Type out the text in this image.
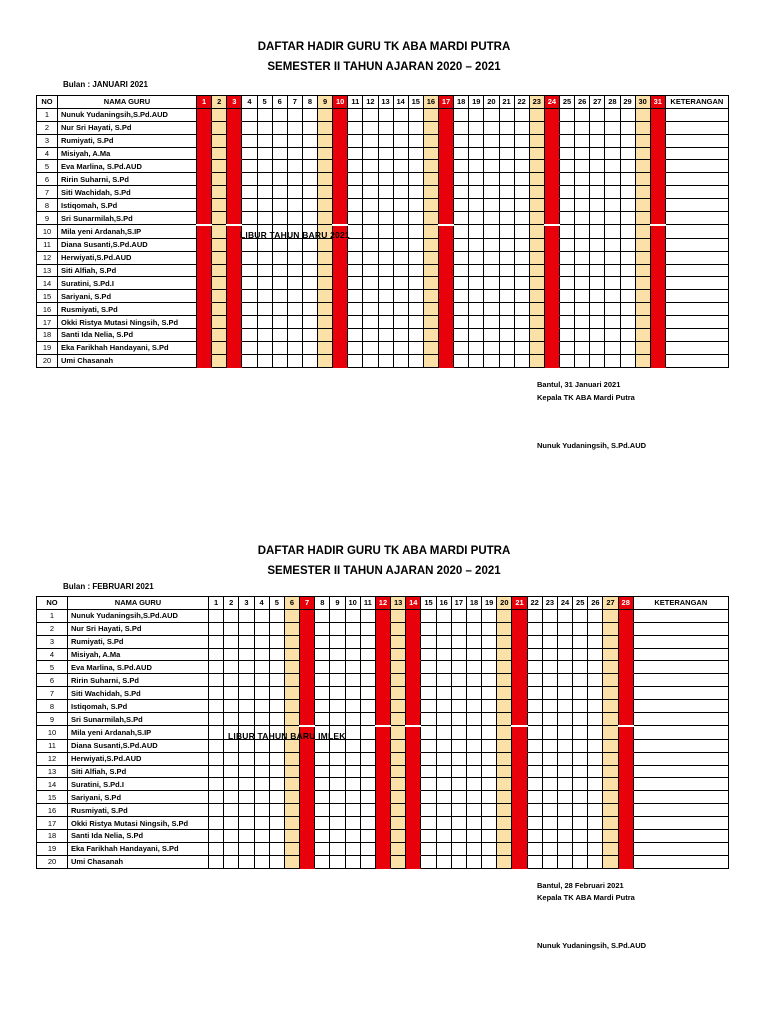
DAFTAR HADIR GURU TK ABA MARDI PUTRA
SEMESTER II TAHUN AJARAN 2020 – 2021
Bulan : JANUARI 2021
NO	NAMA GURU	1	2	3	4	5	6	7	8	9	10	11	12	13	14	15	16	17	18	19	20	21	22	23	24	25	26	27	28	29	30	31	KETERANGAN
1	Nunuk Yudaningsih,S.Pd.AUD																																
2	Nur Sri Hayati, S.Pd																																
3	Rumiyati, S.Pd																																
4	Misiyah, A.Ma																																
5	Eva Marlina, S.Pd.AUD																																
6	Ririn Suharni, S.Pd																																
7	Siti Wachidah, S.Pd																																
8	Istiqomah, S.Pd																																
9	Sri Sunarmilah,S.Pd																																
10	Mila yeni Ardanah,S.IP																																
11	Diana Susanti,S.Pd.AUD																																
12	Herwiyati,S.Pd.AUD																																
13	Siti Alfiah, S.Pd																																
14	Suratini, S.Pd.I																																
15	Sariyani, S.Pd																																
16	Rusmiyati, S.Pd																																
17	Okki Ristya Mutasi Ningsih, S.Pd																																
18	Santi Ida Nelia, S.Pd																																
19	Eka Farikhah Handayani, S.Pd																																
20	Umi Chasanah																																
LIBUR TAHUN BARU 2021
Bantul, 31 Januari 2021
Kepala TK ABA Mardi Putra
Nunuk Yudaningsih, S.Pd.AUD
DAFTAR HADIR GURU TK ABA MARDI PUTRA
SEMESTER II TAHUN AJARAN 2020 – 2021
Bulan : FEBRUARI 2021
NO	NAMA GURU	1	2	3	4	5	6	7	8	9	10	11	12	13	14	15	16	17	18	19	20	21	22	23	24	25	26	27	28	KETERANGAN
1	Nunuk Yudaningsih,S.Pd.AUD																													
2	Nur Sri Hayati, S.Pd																													
3	Rumiyati, S.Pd																													
4	Misiyah, A.Ma																													
5	Eva Marlina, S.Pd.AUD																													
6	Ririn Suharni, S.Pd																													
7	Siti Wachidah, S.Pd																													
8	Istiqomah, S.Pd																													
9	Sri Sunarmilah,S.Pd																													
10	Mila yeni Ardanah,S.IP																													
11	Diana Susanti,S.Pd.AUD																													
12	Herwiyati,S.Pd.AUD																													
13	Siti Alfiah, S.Pd																													
14	Suratini, S.Pd.I																													
15	Sariyani, S.Pd																													
16	Rusmiyati, S.Pd																													
17	Okki Ristya Mutasi Ningsih, S.Pd																													
18	Santi Ida Nelia, S.Pd																													
19	Eka Farikhah Handayani, S.Pd																													
20	Umi Chasanah																													
LIBUR TAHUN BARU IMLEK
Bantul, 28 Februari 2021
Kepala TK ABA Mardi Putra
Nunuk Yudaningsih, S.Pd.AUD
